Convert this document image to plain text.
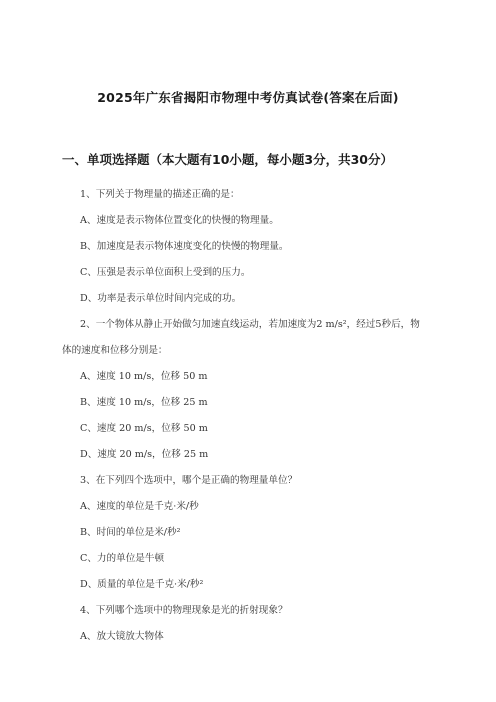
2025年广东省揭阳市物理中考仿真试卷(答案在后面)
一、单项选择题（本大题有10小题，每小题3分，共30分）
1、下列关于物理量的描述正确的是：
A、速度是表示物体位置变化的快慢的物理量。
B、加速度是表示物体速度变化的快慢的物理量。
C、压强是表示单位面积上受到的压力。
D、功率是表示单位时间内完成的功。
2、一个物体从静止开始做匀加速直线运动，若加速度为2 m/s²，经过5秒后，物
体的速度和位移分别是：
A、速度 10 m/s，位移 50 m
B、速度 10 m/s，位移 25 m
C、速度 20 m/s，位移 50 m
D、速度 20 m/s，位移 25 m
3、在下列四个选项中，哪个是正确的物理量单位？
A、速度的单位是千克·米/秒
B、时间的单位是米/秒²
C、力的单位是牛顿
D、质量的单位是千克·米/秒²
4、下列哪个选项中的物理现象是光的折射现象？
A、放大镜放大物体
